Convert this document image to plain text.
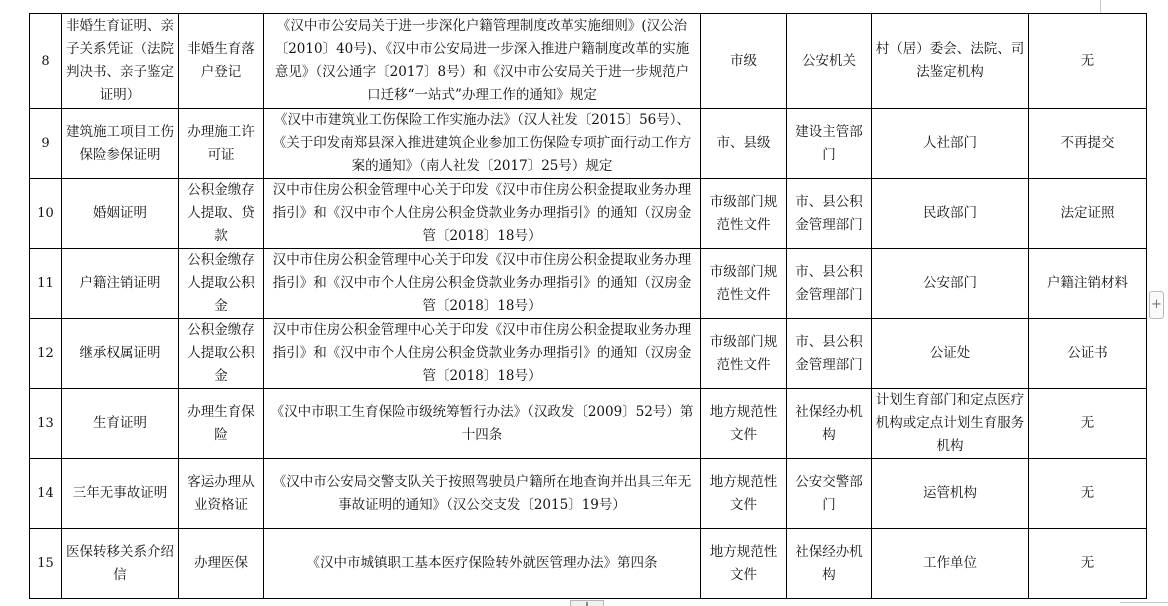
8	非婚生育证明、亲子关系凭证（法院判决书、亲子鉴定证明）	非婚生育落户登记	《汉中市公安局关于进一步深化户籍管理制度改革实施细则》(汉公治〔2010〕40号)、《汉中市公安局进一步深入推进户籍制度改革的实施意见》（汉公通字〔2017〕8号）和《汉中市公安局关于进一步规范户口迁移“一站式”办理工作的通知》规定	市级	公安机关	村（居）委会、法院、司法鉴定机构	无
9	建筑施工项目工伤保险参保证明	办理施工许可证	《汉中市建筑业工伤保险工作实施办法》（汉人社发〔2015〕56号）、《关于印发南郑县深入推进建筑企业参加工伤保险专项扩面行动工作方案的通知》（南人社发〔2017〕25号）规定	市、县级	建设主管部门	人社部门	不再提交
10	婚姻证明	公积金缴存人提取、贷款	汉中市住房公积金管理中心关于印发《汉中市住房公积金提取业务办理指引》和《汉中市个人住房公积金贷款业务办理指引》的通知（汉房金管〔2018〕18号）	市级部门规范性文件	市、县公积金管理部门	民政部门	法定证照
11	户籍注销证明	公积金缴存人提取公积金	汉中市住房公积金管理中心关于印发《汉中市住房公积金提取业务办理指引》和《汉中市个人住房公积金贷款业务办理指引》的通知（汉房金管〔2018〕18号）	市级部门规范性文件	市、县公积金管理部门	公安部门	户籍注销材料
12	继承权属证明	公积金缴存人提取公积金	汉中市住房公积金管理中心关于印发《汉中市住房公积金提取业务办理指引》和《汉中市个人住房公积金贷款业务办理指引》的通知（汉房金管〔2018〕18号）	市级部门规范性文件	市、县公积金管理部门	公证处	公证书
13	生育证明	办理生育保险	《汉中市职工生育保险市级统筹暂行办法》（汉政发〔2009〕52号）第十四条	地方规范性文件	社保经办机构	计划生育部门和定点医疗机构或定点计划生育服务机构	无
14	三年无事故证明	客运办理从业资格证	《汉中市公安局交警支队关于按照驾驶员户籍所在地查询并出具三年无事故证明的通知》（汉公交支发〔2015〕19号）	地方规范性文件	公安交警部门	运管机构	无
15	医保转移关系介绍信	办理医保	《汉中市城镇职工基本医疗保险转外就医管理办法》第四条	地方规范性文件	社保经办机构	工作单位	无
+
